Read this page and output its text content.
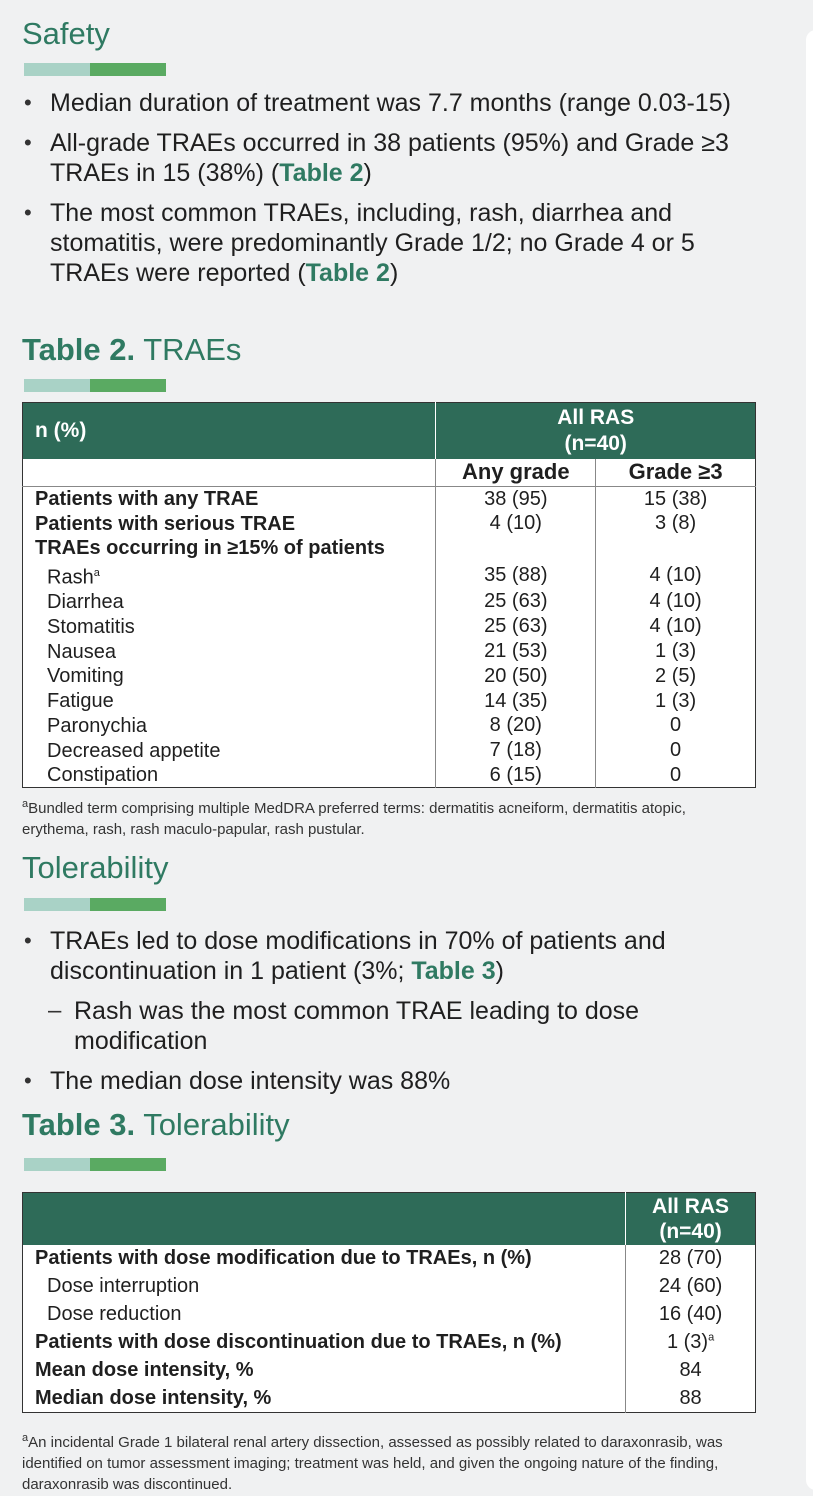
Safety
• Median duration of treatment was 7.7 months (range 0.03-15)
• All-grade TRAEs occurred in 38 patients (95%) and Grade ≥3 TRAEs in 15 (38%) (Table 2)
• The most common TRAEs, including, rash, diarrhea and stomatitis, were predominantly Grade 1/2; no Grade 4 or 5 TRAEs were reported (Table 2)
Table 2. TRAEs
n (%)	All RAS
(n=40)	

	Any grade	Grade ≥3
Patients with any TRAE	38 (95)	15 (38)
Patients with serious TRAE	4 (10)	3 (8)
TRAEs occurring in ≥15% of patients		
Rash$^a$	35 (88)	4 (10)
Diarrhea	25 (63)	4 (10)
Stomatitis	25 (63)	4 (10)
Nausea	21 (53)	1 (3)
Vomiting	20 (50)	2 (5)
Fatigue	14 (35)	1 (3)
Paronychia	8 (20)	0
Decreased appetite	7 (18)	0
Constipation	6 (15)	0
$^a$Bundled term comprising multiple MedDRA preferred terms: dermatitis acneiform, dermatitis atopic, erythema, rash, rash maculo-papular, rash pustular.
Tolerability
• TRAEs led to dose modifications in 70% of patients and discontinuation in 1 patient (3%; Table 3)
– Rash was the most common TRAE leading to dose modification
• The median dose intensity was 88%
Table 3. Tolerability

	All RAS
(n=40)

Patients with dose modification due to TRAEs, n (%)	28 (70)
Dose interruption	24 (60)
Dose reduction	16 (40)
Patients with dose discontinuation due to TRAEs, n (%)	1 $(3)^a$
Mean dose intensity, %	84
Median dose intensity, %	88
$^a$An incidental Grade 1 bilateral renal artery dissection, assessed as possibly related to daraxonrasib, was identified on tumor assessment imaging; treatment was held, and given the ongoing nature of the finding, daraxonrasib was discontinued.
